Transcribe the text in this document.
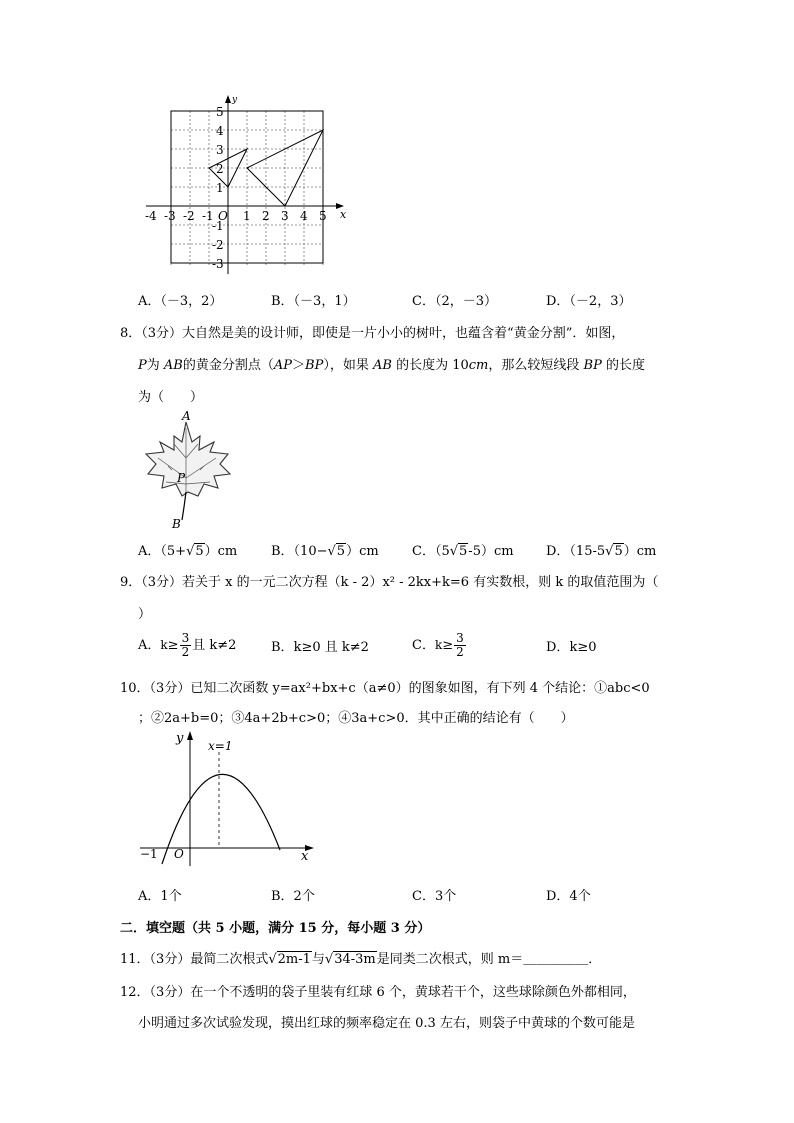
x
y
-4 -3 -2 -1 O 1 2 3 4 5
5
4
3
2
1
-1
-2
-3
A．（－3，2）	B．（－3，1）	C．（2，－3）	D．（－2，3）
8．（3分）大自然是美的设计师，即使是一片小小的树叶，也蕴含着“黄金分割”．如图，
P为 AB的黄金分割点（AP＞BP），如果 AB 的长度为 10cm，那么较短线段 BP 的长度
为（　　）
A
P
B
A．（5+√5）cm	B．（10−√5）cm	C．（5√5-5）cm D．（15-5√5）cm
9．（3分）若关于 x 的一元二次方程（k - 2）x² - 2kx+k=6 有实数根，则 k 的取值范围为（
）
A．$k\ge \frac{3}{2}$ 且 k≠2	B．k≥0 且 k≠2	C．$k\ge \frac{3}{2}$	D．k≥0
10．（3分）已知二次函数 y=ax²+bx+c（a≠0）的图象如图，有下列 4 个结论：①abc<0
；②2a+b=0；③4a+2b+c>0；④3a+c>0．其中正确的结论有（　　）
y
x
O
−1
x=1
A．1个	B．2个	C．3个	D．4个
二．填空题（共 5 小题，满分 15 分，每小题 3 分）
11．（3分）最简二次根式√2m-1与√34-3m是同类二次根式，则 m＝＿＿＿＿＿．
12．（3分）在一个不透明的袋子里装有红球 6 个，黄球若干个，这些球除颜色外都相同，
小明通过多次试验发现，摸出红球的频率稳定在 0.3 左右，则袋子中黄球的个数可能是
